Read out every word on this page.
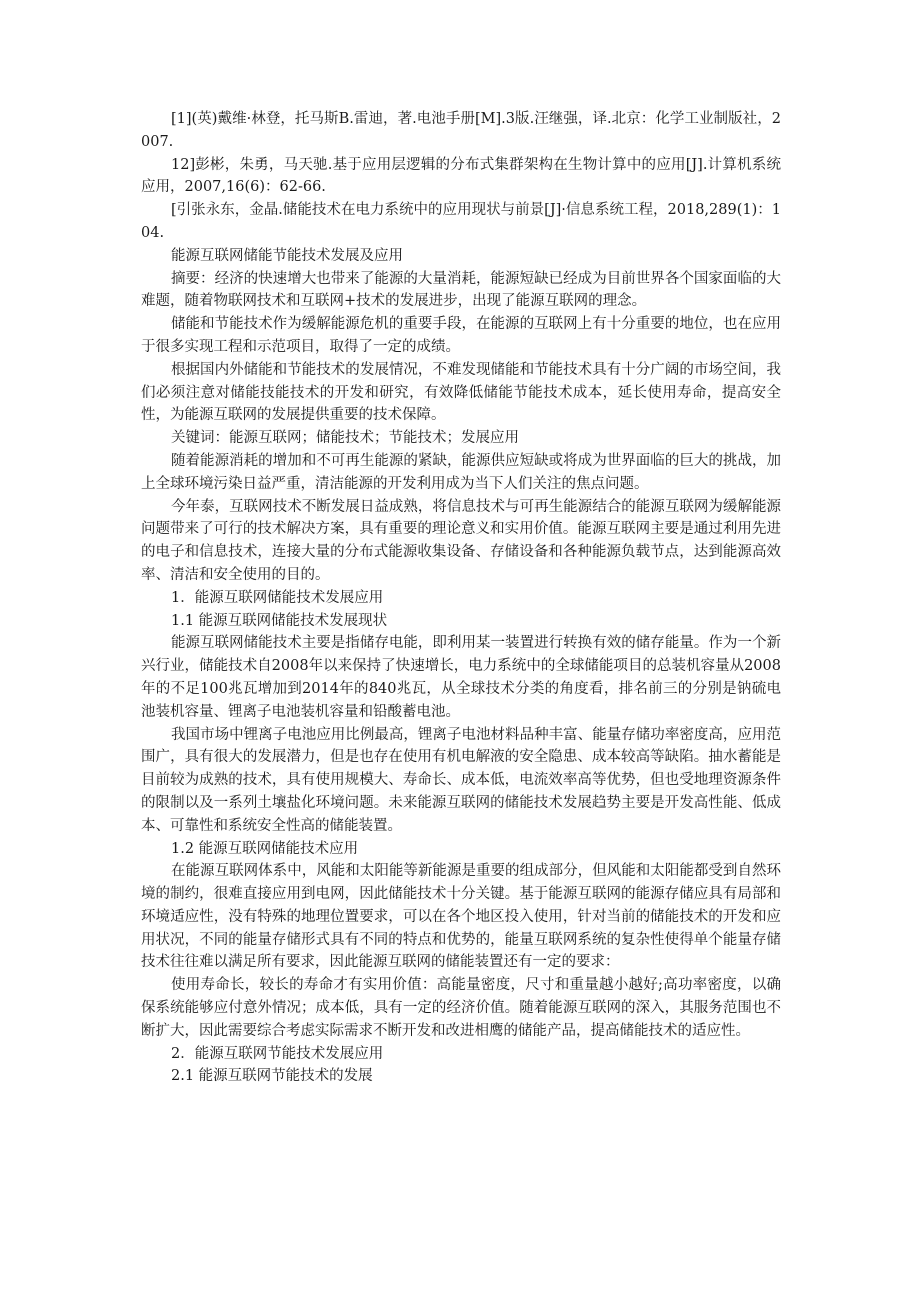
[1](英)戴维·林登，托马斯B.雷迪，著.电池手册[M].3版.汪继强，译.北京：化学工业制版社，2007.

12]彭彬，朱勇，马天驰.基于应用层逻辑的分布式集群架构在生物计算中的应用[J].计算机系统应用，2007,16(6)：62-66.

[引张永东，金晶.储能技术在电力系统中的应用现状与前景[J]·信息系统工程，2018,289(1)：104.

能源互联网储能节能技术发展及应用

摘要：经济的快速增大也带来了能源的大量消耗，能源短缺已经成为目前世界各个国家面临的大难题，随着物联网技术和互联网+技术的发展进步，出现了能源互联网的理念。

储能和节能技术作为缓解能源危机的重要手段，在能源的互联网上有十分重要的地位，也在应用于很多实现工程和示范项目，取得了一定的成绩。

根据国内外储能和节能技术的发展情况，不难发现储能和节能技术具有十分广阔的市场空间，我们必须注意对储能技能技术的开发和研究，有效降低储能节能技术成本，延长使用寿命，提高安全性，为能源互联网的发展提供重要的技术保障。

关键词：能源互联网；储能技术；节能技术；发展应用

随着能源消耗的增加和不可再生能源的紧缺，能源供应短缺或将成为世界面临的巨大的挑战，加上全球环境污染日益严重，清洁能源的开发利用成为当下人们关注的焦点问题。

今年泰，互联网技术不断发展日益成熟，将信息技术与可再生能源结合的能源互联网为缓解能源问题带来了可行的技术解决方案，具有重要的理论意义和实用价值。能源互联网主要是通过利用先进的电子和信息技术，连接大量的分布式能源收集设备、存储设备和各种能源负载节点，达到能源高效率、清洁和安全使用的目的。

1．能源互联网储能技术发展应用

1.1 能源互联网储能技术发展现状

能源互联网储能技术主要是指储存电能，即利用某一装置进行转换有效的储存能量。作为一个新兴行业，储能技术自2008年以来保持了快速增长，电力系统中的全球储能项目的总装机容量从2008年的不足100兆瓦增加到2014年的840兆瓦，从全球技术分类的角度看，排名前三的分别是钠硫电池装机容量、锂离子电池装机容量和铅酸蓄电池。

我国市场中锂离子电池应用比例最高，锂离子电池材料品种丰富、能量存储功率密度高，应用范围广，具有很大的发展潜力，但是也存在使用有机电解液的安全隐患、成本较高等缺陷。抽水蓄能是目前较为成熟的技术，具有使用规模大、寿命长、成本低，电流效率高等优势，但也受地理资源条件的限制以及一系列土壤盐化环境问题。未来能源互联网的储能技术发展趋势主要是开发高性能、低成本、可靠性和系统安全性高的储能装置。

1.2 能源互联网储能技术应用

在能源互联网体系中，风能和太阳能等新能源是重要的组成部分，但风能和太阳能都受到自然环境的制约，很难直接应用到电网，因此储能技术十分关键。基于能源互联网的能源存储应具有局部和环境适应性，没有特殊的地理位置要求，可以在各个地区投入使用，针对当前的储能技术的开发和应用状况，不同的能量存储形式具有不同的特点和优势的，能量互联网系统的复杂性使得单个能量存储技术往往难以满足所有要求，因此能源互联网的储能装置还有一定的要求：

使用寿命长，较长的寿命才有实用价值：高能量密度，尺寸和重量越小越好;高功率密度，以确保系统能够应付意外情况；成本低，具有一定的经济价值。随着能源互联网的深入，其服务范围也不断扩大，因此需要综合考虑实际需求不断开发和改进相鹰的储能产品，提高储能技术的适应性。

2．能源互联网节能技术发展应用

2.1 能源互联网节能技术的发展
